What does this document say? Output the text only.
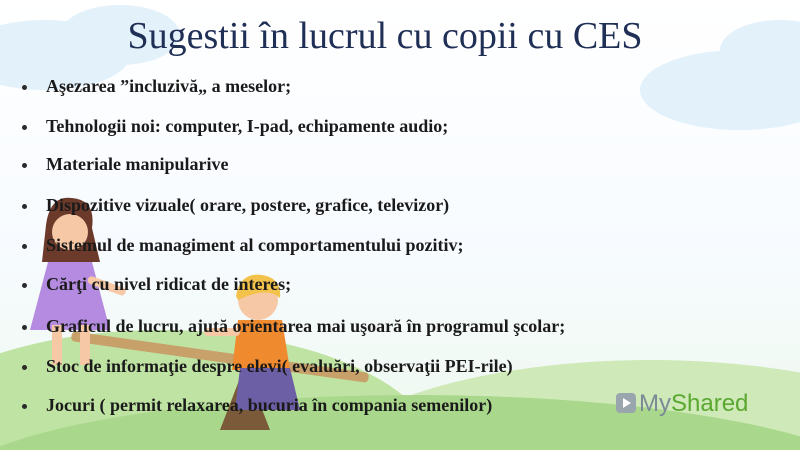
Sugestii în lucrul cu copii cu CES
Aşezarea ”incluzivă„ a meselor;
Tehnologii noi: computer, I-pad, echipamente audio;
Materiale manipularive
Dispozitive vizuale( orare, postere, grafice, televizor)
Sistemul de managiment al comportamentului pozitiv;
Cărţi cu nivel ridicat de interes;
Graficul de lucru, ajută orientarea mai uşoară în programul şcolar;
Stoc de informaţie despre elevi( evaluări, observaţii PEI-rile)
Jocuri ( permit relaxarea, bucuria în compania semenilor)	MyShared
